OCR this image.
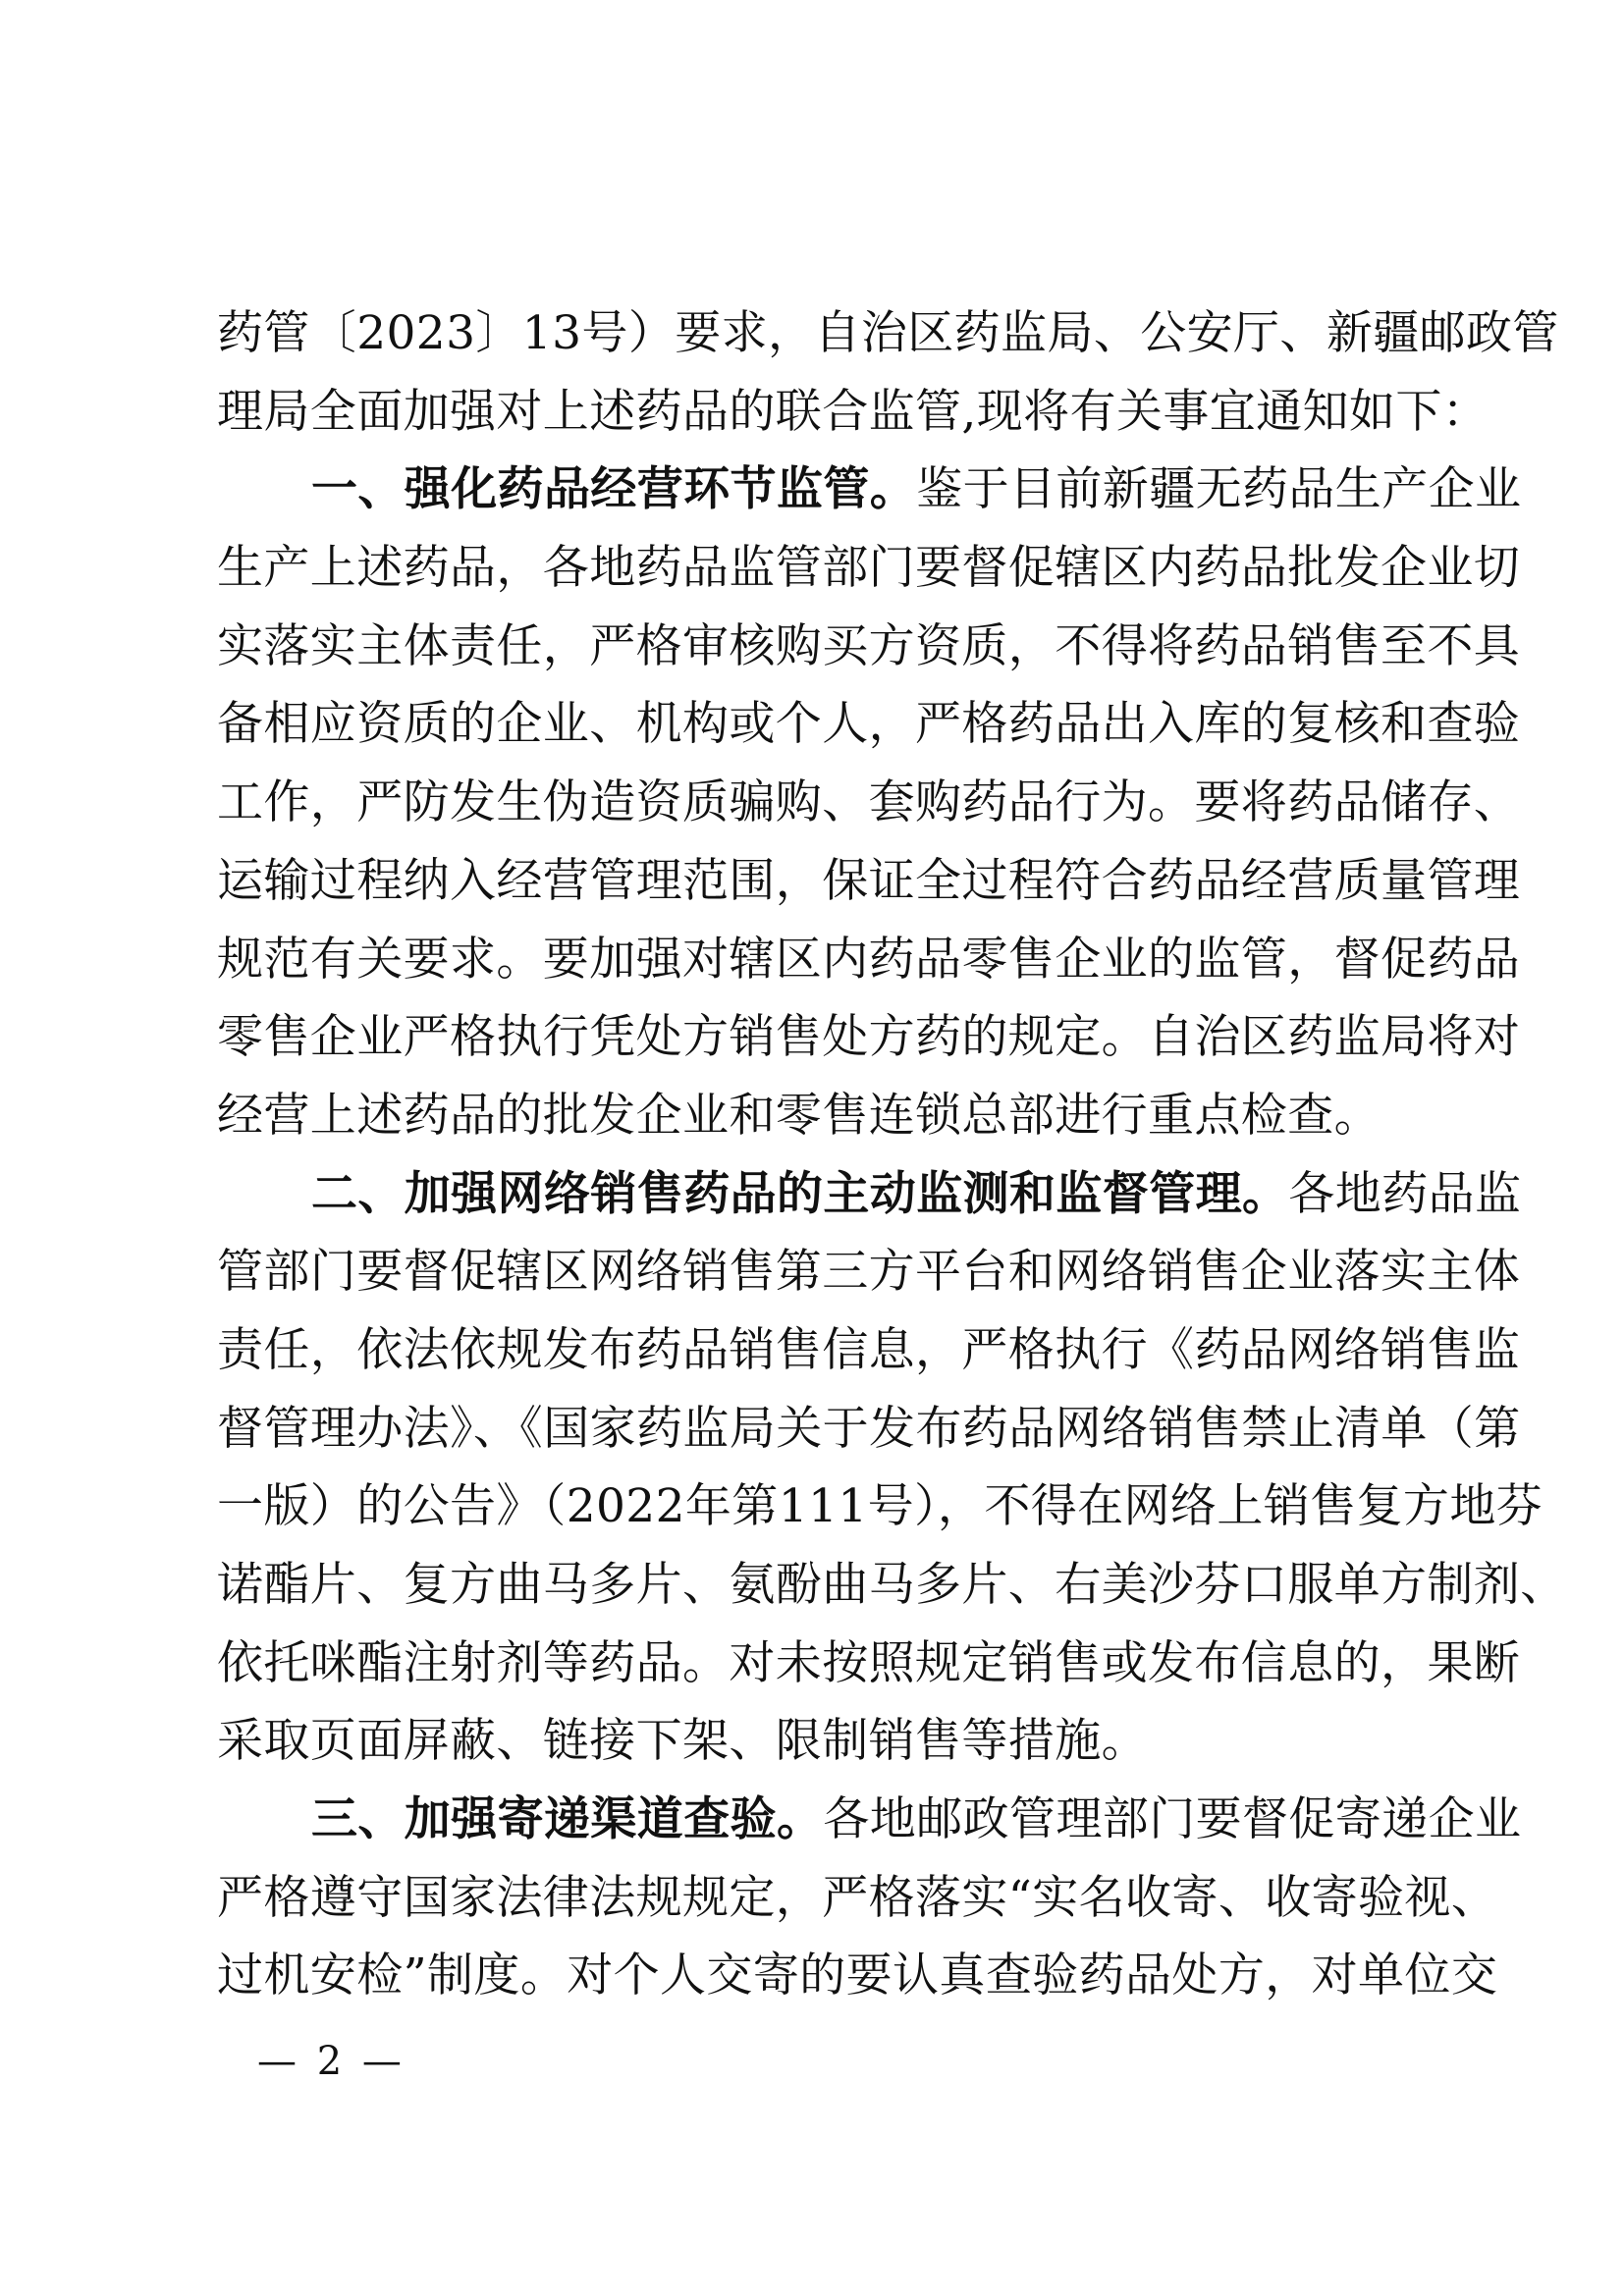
药管〔2023〕13号）要求，自治区药监局、公安厅、新疆邮政管
理局全面加强对上述药品的联合监管,现将有关事宜通知如下：
一、强化药品经营环节监管。鉴于目前新疆无药品生产企业
生产上述药品，各地药品监管部门要督促辖区内药品批发企业切
实落实主体责任，严格审核购买方资质，不得将药品销售至不具
备相应资质的企业、机构或个人，严格药品出入库的复核和查验
工作，严防发生伪造资质骗购、套购药品行为。要将药品储存、
运输过程纳入经营管理范围，保证全过程符合药品经营质量管理
规范有关要求。要加强对辖区内药品零售企业的监管，督促药品
零售企业严格执行凭处方销售处方药的规定。自治区药监局将对
经营上述药品的批发企业和零售连锁总部进行重点检查。
二、加强网络销售药品的主动监测和监督管理。各地药品监
管部门要督促辖区网络销售第三方平台和网络销售企业落实主体
责任，依法依规发布药品销售信息，严格执行《药品网络销售监
督管理办法》、《国家药监局关于发布药品网络销售禁止清单（第
一版）的公告》（2022年第111号），不得在网络上销售复方地芬
诺酯片、复方曲马多片、氨酚曲马多片、右美沙芬口服单方制剂、
依托咪酯注射剂等药品。对未按照规定销售或发布信息的，果断
采取页面屏蔽、链接下架、限制销售等措施。
三、加强寄递渠道查验。各地邮政管理部门要督促寄递企业
严格遵守国家法律法规规定，严格落实“实名收寄、收寄验视、
过机安检”制度。对个人交寄的要认真查验药品处方，对单位交
— 2 —
